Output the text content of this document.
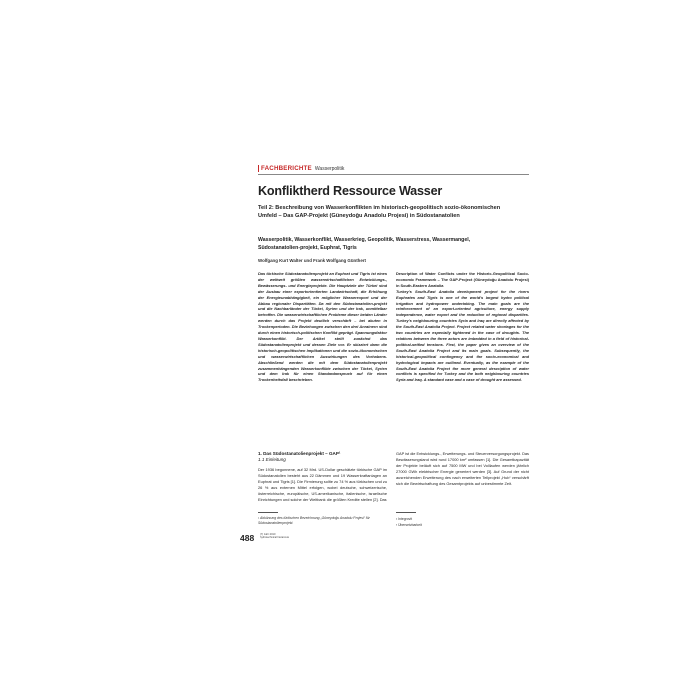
FACHBERICHTE Wasserpolitik
Konfliktherd Ressource Wasser
Teil 2: Beschreibung von Wasserkonflikten im historisch-geopolitisch sozio-ökonomischen Umfeld – Das GAP-Projekt (Güneydoğu Anadolu Projesi) in Südostanatolien
Wasserpolitik, Wasserkonflikt, Wasserkrieg, Geopolitik, Wasserstress, Wassermangel, Südostanatolien-projekt, Euphrat, Tigris
Wolfgang Kurt Walter und Frank Wolfgang Günthert
Das türkische Südostanatolienprojekt an Euphrat und Tigris ist eines der weltweit größten wasserwirtschaftlichen Entwicklungs-, Bewässerungs- und Energieprojekte. Die Hauptziele der Türkei sind der Ausbau einer exportorientierten Landwirtschaft, die Erhöhung der Energieunabhängigkeit, ein möglicher Wasserexport und der Abbau regionaler Disparitäten. Da mit den Südostanatolien-projekt und die Nachbarländer der Türkei, Syrien und der Irak, unmittelbar betroffen. Die wasserwirtschaftlichen Probleme dieser beiden Länder werden durch das Projekt deutlich verschärft – bei akuten in Trockenperioden. Die Beziehungen zwischen den drei Anrainern sind durch einen historisch-politischen Konflikt geprägt. Spannungsfaktor Wasserkonflikt. Der Artikel stellt zunächst das Südostanatolienprojekt und dessen Ziele vor. Er skizziert dann die historisch-geopolitischen Implikationen und die sozio-ökonomischen und wasserwirtschaftlichen Auswirkungen des Vorhabens. Abschließend werden die mit dem Südostanatolienprojekt zusammenhängenden Wasserkonflikte zwischen der Türkei, Syrien und dem Irak für einen Standardanspruch auf für einen Trockenheitsfall beschrieben.
Description of Water Conflicts under the Historic-Geopolitical Socio-economic Framework – The GAP-Project (Güneydoğu Anadolu Projesi) in South-Eastern Anatolia
Turkey's South-East Anatolia development project for the rivers Euphrates and Tigris is one of the world's largest hydro political irrigation and hydropower undertaking. The main goals are the reinforcement of an export-oriented agriculture, energy supply independence, water export and the reduction of regional disparities. Turkey's neighbouring countries Syria and Iraq are directly affected by the South-East Anatolia Project. Project related water shortages for the two countries are especially tightened in the case of droughts. The relations between the three actors are imbedded in a field of historical-political-settled tensions. First, the paper gives an overview of the South-East Anatolia Project and its main goals. Subsequently, the historical-geopolitical contingency and the socio-economical and hydrological impacts are outlined. Eventually, as the example of the South-East Anatolia Project the more general description of water conflicts is specified for Turkey and the both neighbouring countries Syria and Iraq. A standard case and a case of drought are assessed.
1. Das Südostanatolienprojekt – GAP¹
1.1 Einleitung
Der 1936 begonnene, auf 32 Mrd. US-Dollar geschätzte türkische GAP im Südostanatolien besteht aus 22 Dämmen und 19 Wasserkraftanlagen an Euphrat und Tigris [1]. Die Firmierung sollte zu 74 % aus türkischen und zu 26 % aus externen Mittel erfolgen, wobei deutsche, schweizerische, österreichische, europäische, US-amerikanische, italienische, israelische Einrichtungen und solche der Weltbank die größten Kredite stellen [2]. Das
GAP ist die Entwicklungs-, Erweiterungs- und Steuerversorgungsprojekt. Das Bewässerungsland wird rund 17000 km² umfassen [1]. Die Gesamtkapazität der Projekte beläuft sich auf 7500 MW und bei Volllaufen werden jährlich 27000 GWh elektrischer Energie generiert werden [3]. Auf Grund der nicht ausreichenden Erweiterung des nach erweiterten Teilprojekt „Hub“ verschärft sich die Bewirtschaftung des Gesamtprojekts auf unbestimmte Zeit.
¹ Abkürzung des türkischen Bezeichnung „Güneydoğu Anadolu Projesi“ für Südostanatolienprojekt.
² Integrovit
³ Übersetzbarkeit
488 (7) Jahr 2010
hydrotechnical hierarcure
